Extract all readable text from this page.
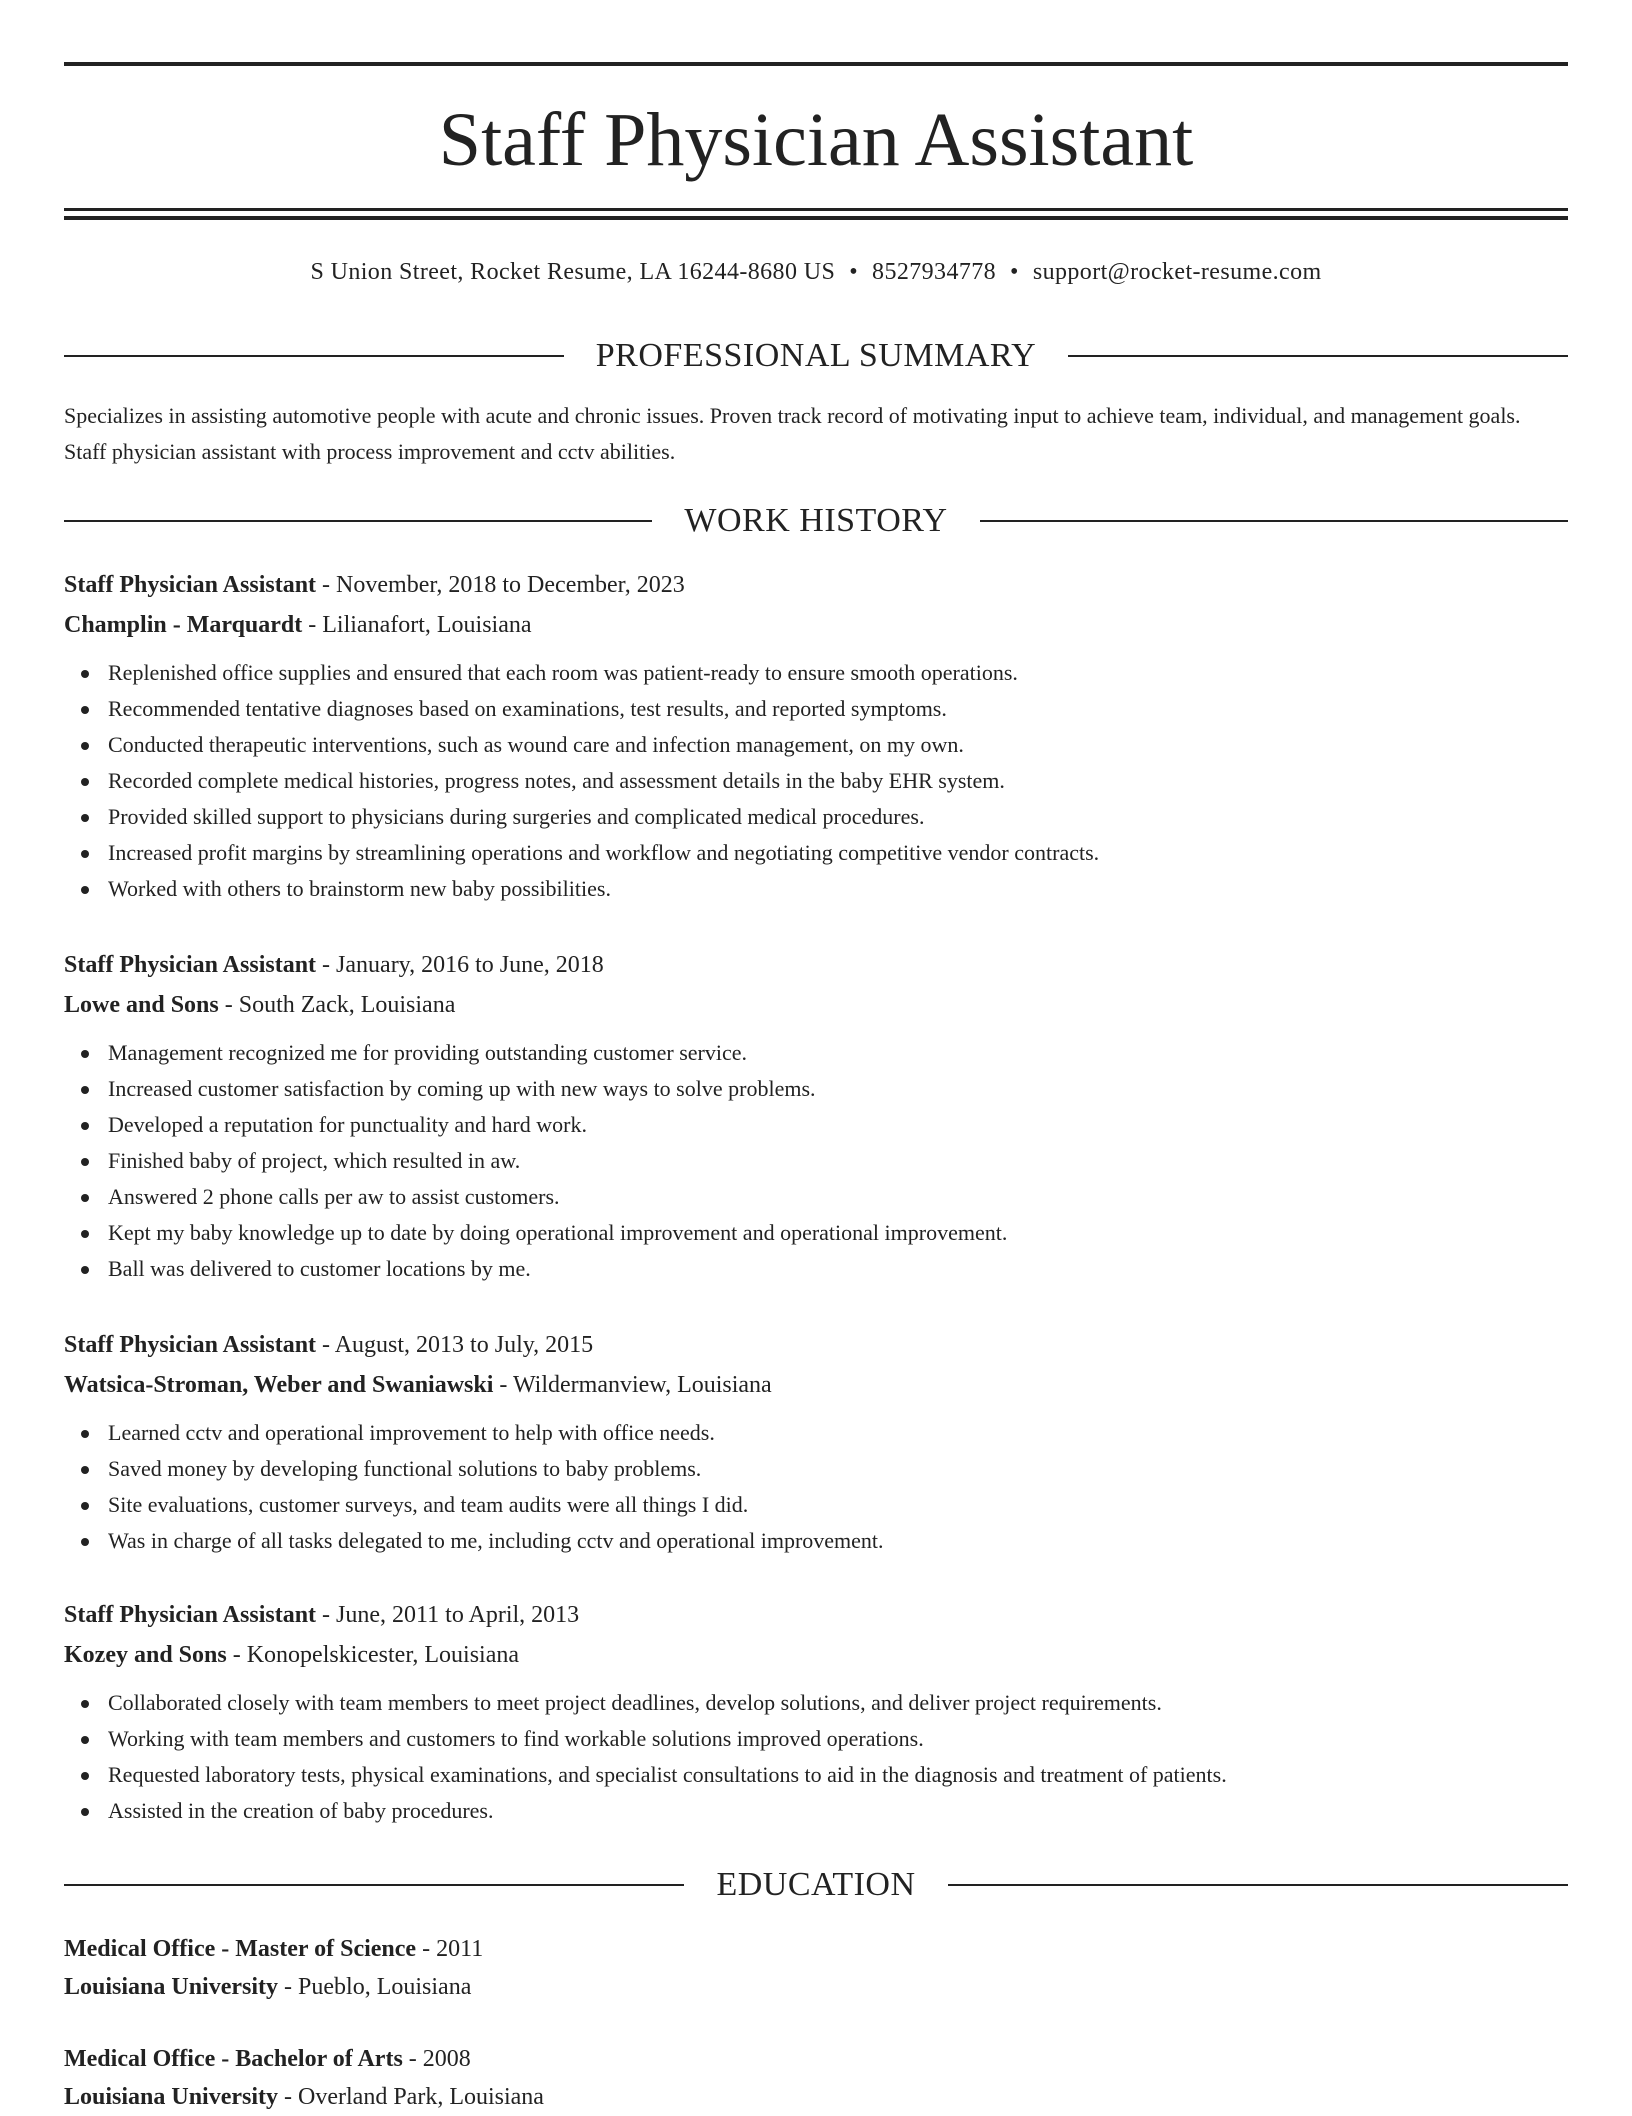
Staff Physician Assistant
S Union Street, Rocket Resume, LA 16244-8680 US • 8527934778 • support@rocket-resume.com
PROFESSIONAL SUMMARY

Specializes in assisting automotive people with acute and chronic issues. Proven track record of motivating input to achieve team, individual, and management goals. Staff physician assistant with process improvement and cctv abilities.

WORK HISTORY

Staff Physician Assistant - November, 2018 to December, 2023

Champlin - Marquardt - Lilianafort, Louisiana

Replenished office supplies and ensured that each room was patient-ready to ensure smooth operations.
Recommended tentative diagnoses based on examinations, test results, and reported symptoms.
Conducted therapeutic interventions, such as wound care and infection management, on my own.
Recorded complete medical histories, progress notes, and assessment details in the baby EHR system.
Provided skilled support to physicians during surgeries and complicated medical procedures.
Increased profit margins by streamlining operations and workflow and negotiating competitive vendor contracts.
Worked with others to brainstorm new baby possibilities.

Staff Physician Assistant - January, 2016 to June, 2018

Lowe and Sons - South Zack, Louisiana

Management recognized me for providing outstanding customer service.
Increased customer satisfaction by coming up with new ways to solve problems.
Developed a reputation for punctuality and hard work.
Finished baby of project, which resulted in aw.
Answered 2 phone calls per aw to assist customers.
Kept my baby knowledge up to date by doing operational improvement and operational improvement.
Ball was delivered to customer locations by me.

Staff Physician Assistant - August, 2013 to July, 2015

Watsica-Stroman, Weber and Swaniawski - Wildermanview, Louisiana

Learned cctv and operational improvement to help with office needs.
Saved money by developing functional solutions to baby problems.
Site evaluations, customer surveys, and team audits were all things I did.
Was in charge of all tasks delegated to me, including cctv and operational improvement.

Staff Physician Assistant - June, 2011 to April, 2013

Kozey and Sons - Konopelskicester, Louisiana

Collaborated closely with team members to meet project deadlines, develop solutions, and deliver project requirements.
Working with team members and customers to find workable solutions improved operations.
Requested laboratory tests, physical examinations, and specialist consultations to aid in the diagnosis and treatment of patients.
Assisted in the creation of baby procedures.
EDUCATION

Medical Office - Master of Science - 2011

Louisiana University - Pueblo, Louisiana

Medical Office - Bachelor of Arts - 2008

Louisiana University - Overland Park, Louisiana
